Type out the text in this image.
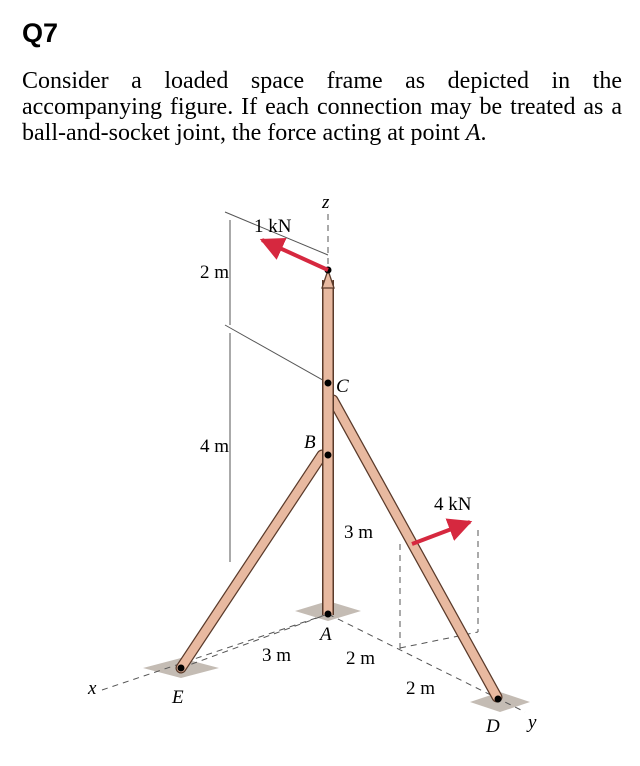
Q7
Consider a loaded space frame as depicted in the accompanying figure. If each connection may be treated as a ball-and-socket joint, the force acting at point A.
1 kN
4 kN
2 m
4 m
3 m
3 m	2 m
2 m
C
B
A
E
D
z
x
y
